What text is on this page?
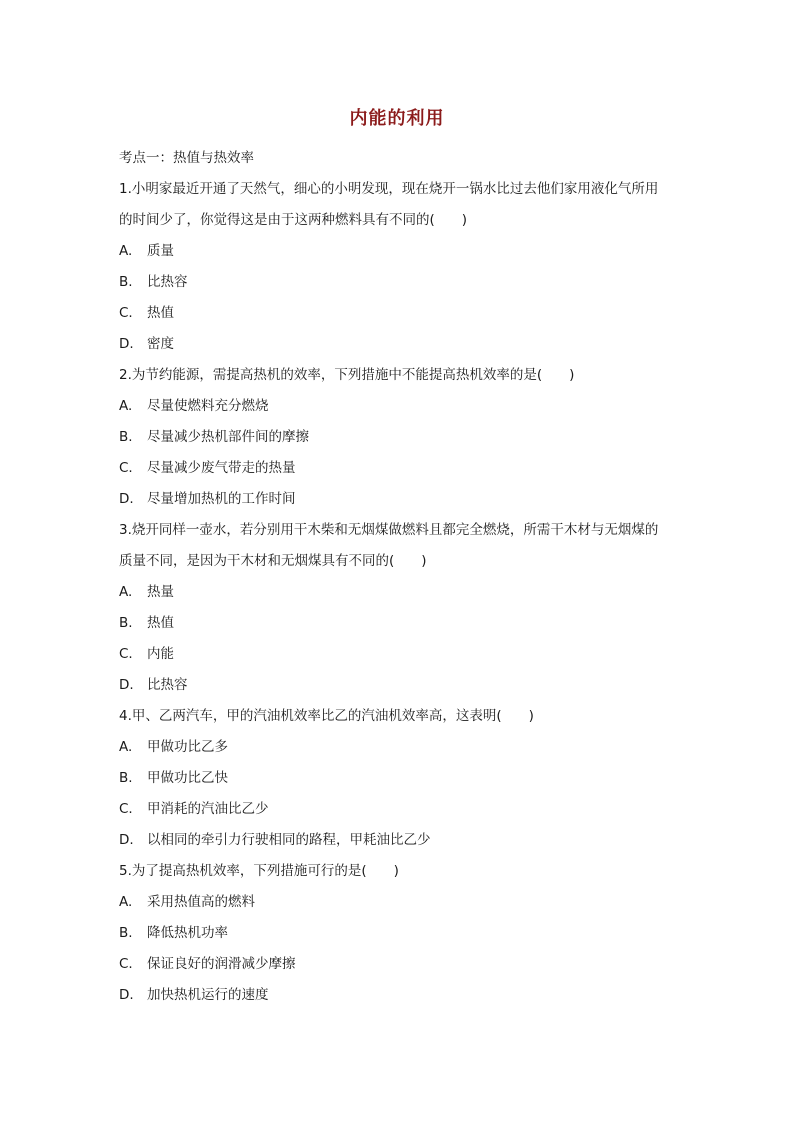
内能的利用
考点一：热值与热效率
1.小明家最近开通了天然气，细心的小明发现，现在烧开一锅水比过去他们家用液化气所用
的时间少了，你觉得这是由于这两种燃料具有不同的(　　)
A. 质量
B. 比热容
C. 热值
D. 密度
2.为节约能源，需提高热机的效率，下列措施中不能提高热机效率的是(　　)
A. 尽量使燃料充分燃烧
B. 尽量减少热机部件间的摩擦
C. 尽量减少废气带走的热量
D. 尽量增加热机的工作时间
3.烧开同样一壶水，若分别用干木柴和无烟煤做燃料且都完全燃烧，所需干木材与无烟煤的
质量不同，是因为干木材和无烟煤具有不同的(　　)
A. 热量
B. 热值
C. 内能
D. 比热容
4.甲、乙两汽车，甲的汽油机效率比乙的汽油机效率高，这表明(　　)
A. 甲做功比乙多
B. 甲做功比乙快
C. 甲消耗的汽油比乙少
D. 以相同的牵引力行驶相同的路程，甲耗油比乙少
5.为了提高热机效率，下列措施可行的是(　　)
A. 采用热值高的燃料
B. 降低热机功率
C. 保证良好的润滑减少摩擦
D. 加快热机运行的速度
